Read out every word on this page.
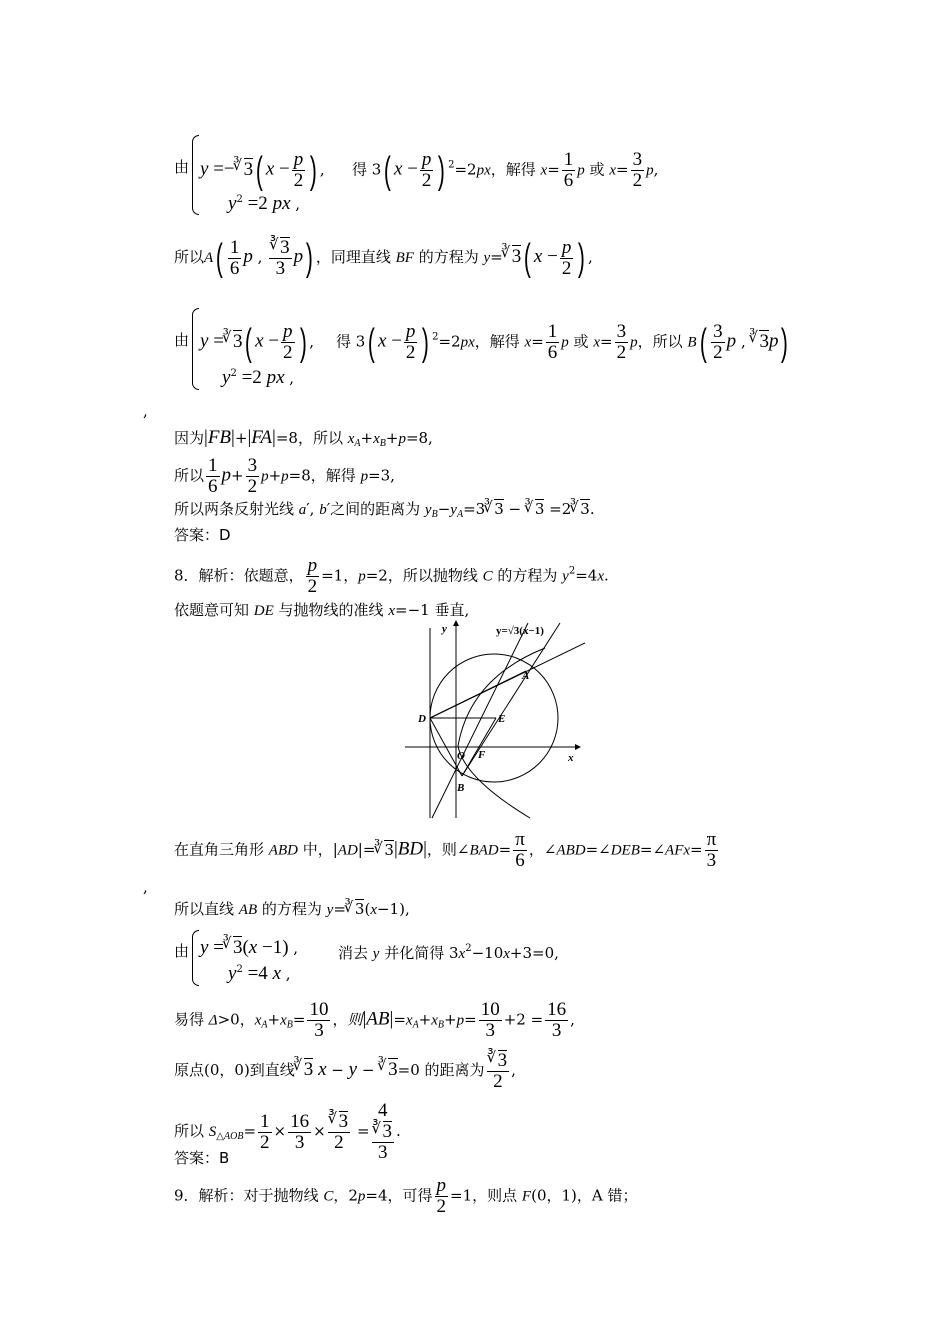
由 y =−∛ 3( $x - \frac{p}{2}$ ) ,
$y^2 =2$ px ,
得 3( $x - \frac{p}{2}$ ) $^2$=2px，解得 $x= \frac{1}{6}$ p 或 $x= \frac{3}{2} p$,
所以$A( \frac{1}{6}$ p ,
∛ $\frac{3}{3} p$) ，同理直线 BF 的方程为 y=∛ 3( $x - \frac{p}{2}$ ) ,
由 y =∛ 3( $x - \frac{p}{2}$ ) ,
$y^2 =2$ px ,
得 3( $x - \frac{p}{2}$ ) $^2$=2px，解得 $x= \frac{1}{6}$ p 或 $x= \frac{3}{2}$ p，所以 $B( \frac{3}{2}$ p , ∛ 3p)
,
因为|FB|+|FA|=8，所以 $x_A+x_B+p=8$,
所以 $\frac{1}{6} p+ \frac{3}{2} p+p=8$，解得 p=3,
所以两条反射光线 a′, b′之间的距离为 $y_B-y_A=3∛$ 3 − ∛ 3 =2∛ 3.
答案：D
8．解析：依题意， $\frac{p}{2} =1$，p=2，所以抛物线 C 的方程为 $y^2=4x$.
依题意可知 DE 与抛物线的准线 x=−1 垂直,
y
x
y=√3(x−1)
A
D	E
O F
B
在直角三角形 ABD 中，|AD|=∛ 3|BD|，则∠BAD= $\frac{\pi}{6}$ ，∠ABD=∠DEB=∠AFx= $\frac{\pi}{3}$
,
所以直线 AB 的方程为 y=∛ 3(x−1),
由 y =∛ 3(x −1) ,
$y^2 =4$ x ,
消去 y 并化简得 $3x^2-10x+3=0$,
易得 Δ>0，$x_A+x_B= \frac{10}{3}$ ，则$|AB|=x_A+x_B+p= \frac{10}{3} +2 = \frac{16}{3}$ ,
原点(0，0)到直线∛ 3 x − y − ∛ 3=0 的距离为
∛ $\frac{3}{2}$ ,
所以 $S_{\triangle AOB}= \frac{1}{2} \times \frac{16}{3}$ ×
∛ $\frac{3}{2} = 4$
∛ 3
3 .
答案：B
9．解析：对于抛物线 C，2p=4，可得 $\frac{p}{2} =1$，则点 F(0，1)，A 错；
